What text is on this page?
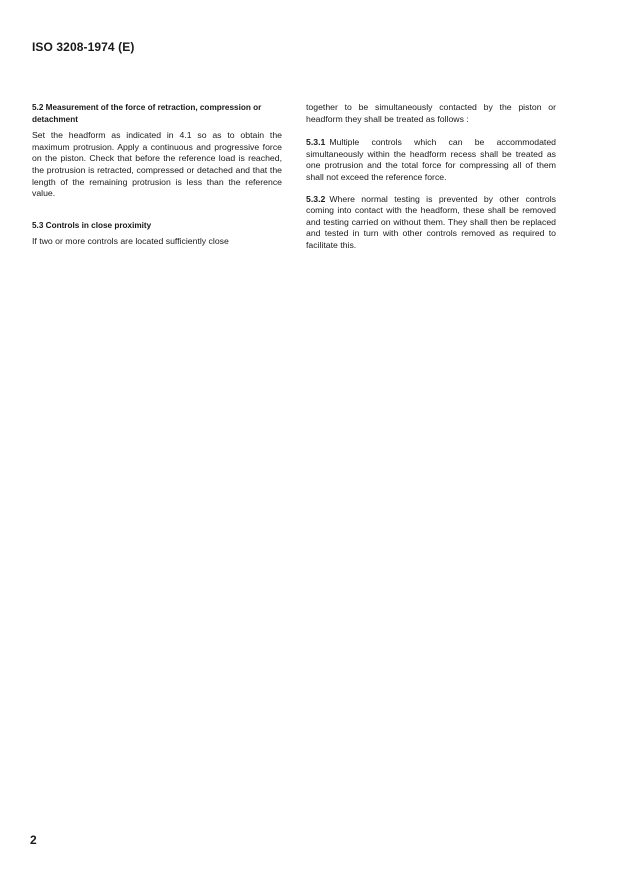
ISO 3208-1974 (E)

5.2 Measurement of the force of retraction, compression or detachment

Set the headform as indicated in 4.1 so as to obtain the maximum protrusion. Apply a continuous and progressive force on the piston. Check that before the reference load is reached, the protrusion is retracted, compressed or detached and that the length of the remaining protrusion is less than the reference value.

5.3 Controls in close proximity

If two or more controls are located sufficiently close

together to be simultaneously contacted by the piston or headform they shall be treated as follows :

5.3.1 Multiple controls which can be accommodated simultaneously within the headform recess shall be treated as one protrusion and the total force for compressing all of them shall not exceed the reference force.

5.3.2 Where normal testing is prevented by other controls coming into contact with the headform, these shall be removed and testing carried on without them. They shall then be replaced and tested in turn with other controls removed as required to facilitate this.

2
